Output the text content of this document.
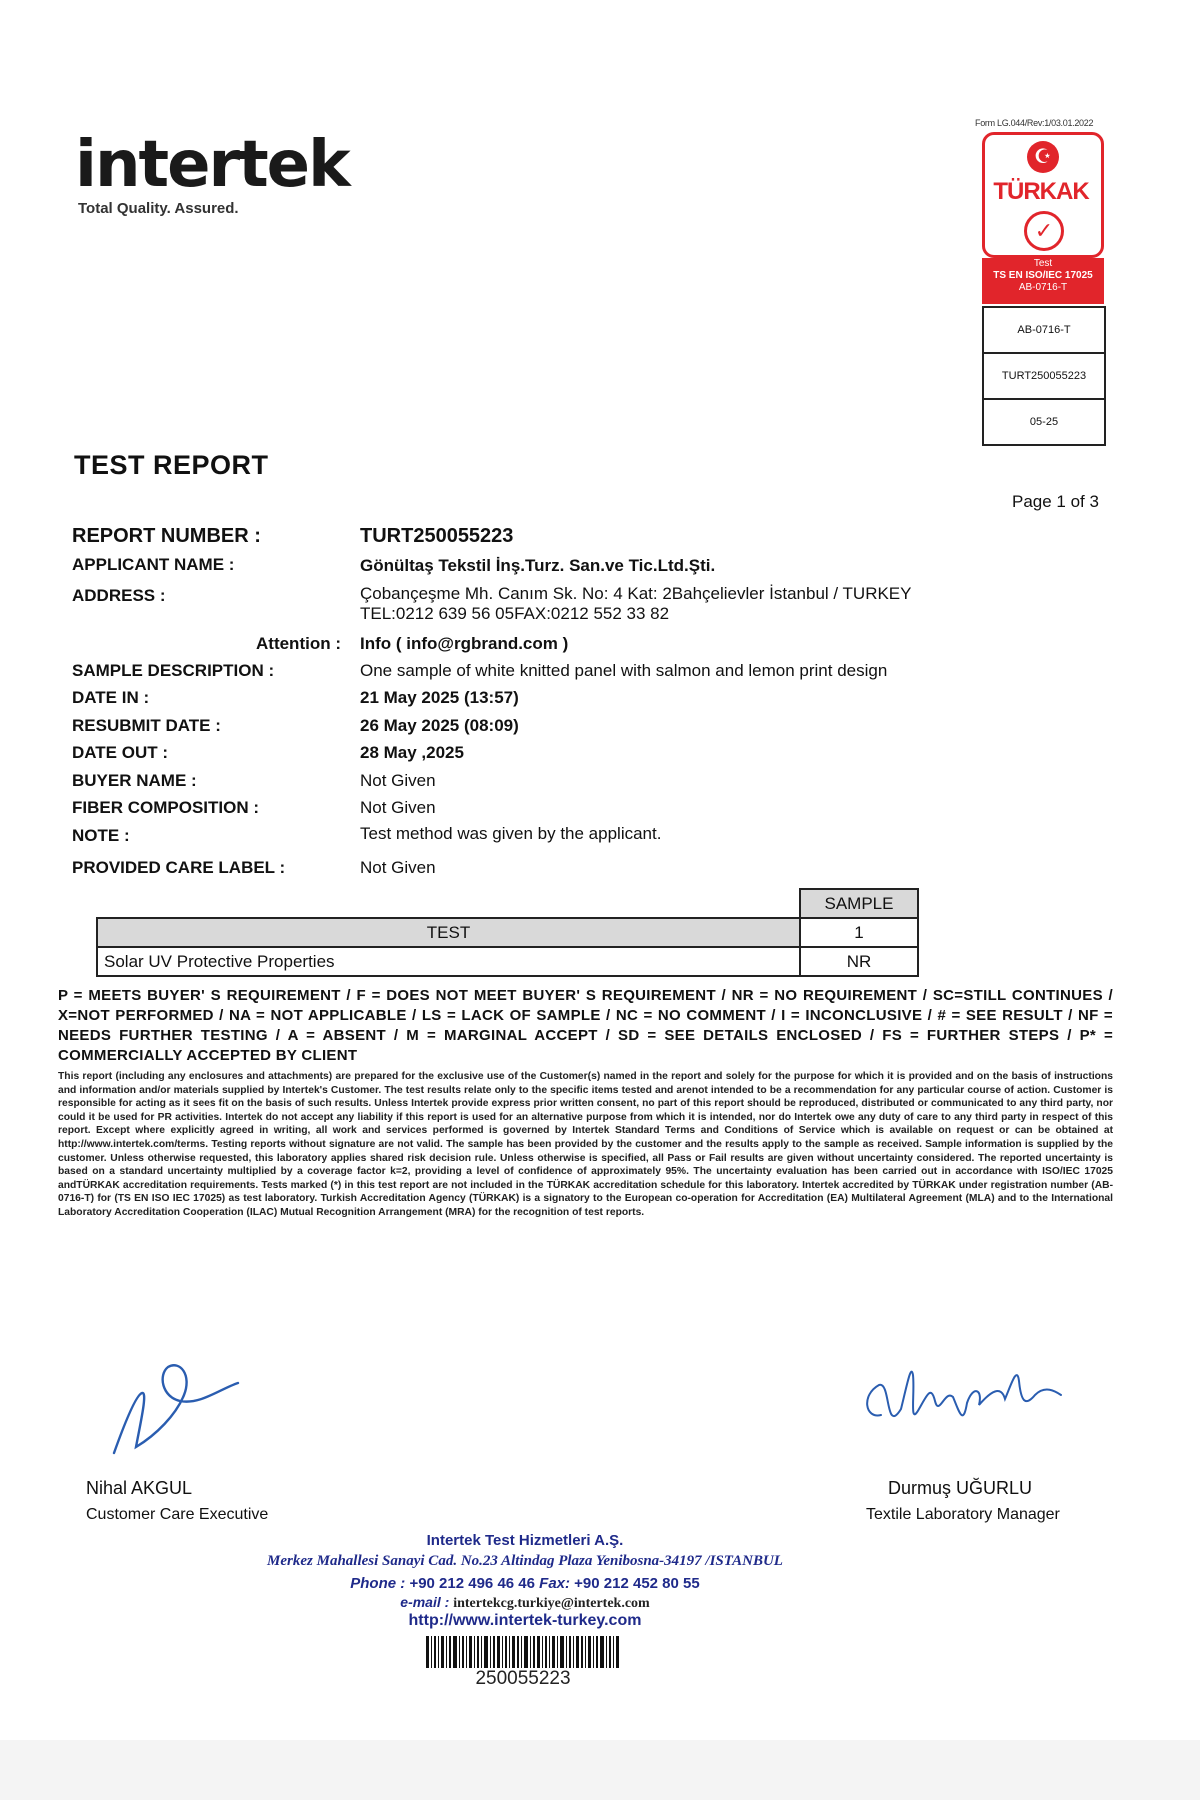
intertek
Total Quality. Assured.
Form LG.044/Rev:1/03.01.2022
☪
TÜRKAK
✓
Test
TS EN ISO/IEC 17025
AB-0716-T
AB-0716-T
TURT250055223
05-25
TEST REPORT
Page 1 of 3
REPORT NUMBER :	TURT250055223
APPLICANT NAME :	Gönültaş Tekstil İnş.Turz. San.ve Tic.Ltd.Şti.
ADDRESS :	Çobançeşme Mh. Canım Sk. No: 4 Kat: 2Bahçelievler İstanbul / TURKEY
TEL:0212 639 56 05FAX:0212 552 33 82
Attention : Info ( info@rgbrand.com )
SAMPLE DESCRIPTION :	One sample of white knitted panel with salmon and lemon print design
DATE IN :	21 May 2025 (13:57)
RESUBMIT DATE :	26 May 2025 (08:09)
DATE OUT :	28 May ,2025
BUYER NAME :	Not Given
FIBER COMPOSITION :	Not Given
NOTE :	Test method was given by the applicant.
PROVIDED CARE LABEL :	Not Given
	SAMPLE
TEST	1
Solar UV Protective Properties	NR
P = MEETS BUYER' S REQUIREMENT / F = DOES NOT MEET BUYER' S REQUIREMENT / NR = NO REQUIREMENT / SC=STILL CONTINUES / X=NOT PERFORMED / NA = NOT APPLICABLE / LS = LACK OF SAMPLE / NC = NO COMMENT / I = INCONCLUSIVE / # = SEE RESULT / NF = NEEDS FURTHER TESTING / A = ABSENT / M = MARGINAL ACCEPT / SD = SEE DETAILS ENCLOSED / FS = FURTHER STEPS / P* = COMMERCIALLY ACCEPTED BY CLIENT
This report (including any enclosures and attachments) are prepared for the exclusive use of the Customer(s) named in the report and solely for the purpose for which it is provided and on the basis of instructions and information and/or materials supplied by Intertek's Customer. The test results relate only to the specific items tested and arenot intended to be a recommendation for any particular course of action. Customer is responsible for acting as it sees fit on the basis of such results. Unless Intertek provide express prior written consent, no part of this report should be reproduced, distributed or communicated to any third party, nor could it be used for PR activities. Intertek do not accept any liability if this report is used for an alternative purpose from which it is intended, nor do Intertek owe any duty of care to any third party in respect of this report. Except where explicitly agreed in writing, all work and services performed is governed by Intertek Standard Terms and Conditions of Service which is available on request or can be obtained at http://www.intertek.com/terms. Testing reports without signature are not valid. The sample has been provided by the customer and the results apply to the sample as received. Sample information is supplied by the customer. Unless otherwise requested, this laboratory applies shared risk decision rule. Unless otherwise is specified, all Pass or Fail results are given without uncertainty considered. The reported uncertainty is based on a standard uncertainty multiplied by a coverage factor k=2, providing a level of confidence of approximately 95%. The uncertainty evaluation has been carried out in accordance with ISO/IEC 17025 andTÜRKAK accreditation requirements. Tests marked (*) in this test report are not included in the TÜRKAK accreditation schedule for this laboratory. Intertek accredited by TÜRKAK under registration number (AB-0716-T) for (TS EN ISO IEC 17025) as test laboratory. Turkish Accreditation Agency (TÜRKAK) is a signatory to the European co-operation for Accreditation (EA) Multilateral Agreement (MLA) and to the International Laboratory Accreditation Cooperation (ILAC) Mutual Recognition Arrangement (MRA) for the recognition of test reports.
Nihal AKGUL
Customer Care Executive
Durmuş UĞURLU
Textile Laboratory Manager
Intertek Test Hizmetleri A.Ş.
Merkez Mahallesi Sanayi Cad. No.23 Altindag Plaza Yenibosna-34197 /ISTANBUL
Phone : +90 212 496 46 46 Fax: +90 212 452 80 55
e-mail : intertekcg.turkiye@intertek.com
http://www.intertek-turkey.com
250055223
